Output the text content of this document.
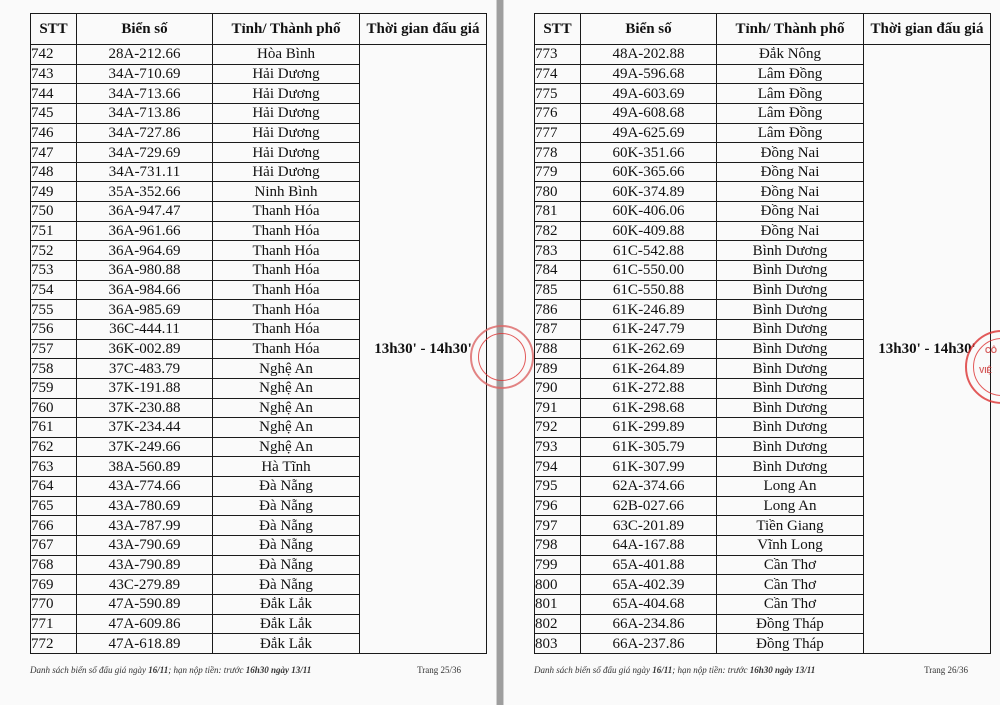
STT	Biển số	Tỉnh/ Thành phố	Thời gian đấu giá
742	28A-212.66	Hòa Bình	13h30' - 14h30'
743	34A-710.69	Hải Dương	
744	34A-713.66	Hải Dương	
745	34A-713.86	Hải Dương	
746	34A-727.86	Hải Dương	
747	34A-729.69	Hải Dương	
748	34A-731.11	Hải Dương	
749	35A-352.66	Ninh Bình	
750	36A-947.47	Thanh Hóa	
751	36A-961.66	Thanh Hóa	
752	36A-964.69	Thanh Hóa	
753	36A-980.88	Thanh Hóa	
754	36A-984.66	Thanh Hóa	
755	36A-985.69	Thanh Hóa	
756	36C-444.11	Thanh Hóa	
757	36K-002.89	Thanh Hóa	
758	37C-483.79	Nghệ An	
759	37K-191.88	Nghệ An	
760	37K-230.88	Nghệ An	
761	37K-234.44	Nghệ An	
762	37K-249.66	Nghệ An	
763	38A-560.89	Hà Tĩnh	
764	43A-774.66	Đà Nẵng	
765	43A-780.69	Đà Nẵng	
766	43A-787.99	Đà Nẵng	
767	43A-790.69	Đà Nẵng	
768	43A-790.89	Đà Nẵng	
769	43C-279.89	Đà Nẵng	
770	47A-590.89	Đắk Lắk	
771	47A-609.86	Đắk Lắk	
772	47A-618.89	Đắk Lắk	
Danh sách biển số đấu giá ngày 16/11; hạn nộp tiền: trước 16h30 ngày 13/11	Trang 25/36
STT	Biển số	Tỉnh/ Thành phố	Thời gian đấu giá
773	48A-202.88	Đắk Nông	13h30' - 14h30'
774	49A-596.68	Lâm Đồng	
775	49A-603.69	Lâm Đồng	
776	49A-608.68	Lâm Đồng	
777	49A-625.69	Lâm Đồng	
778	60K-351.66	Đồng Nai	
779	60K-365.66	Đồng Nai	
780	60K-374.89	Đồng Nai	
781	60K-406.06	Đồng Nai	
782	60K-409.88	Đồng Nai	
783	61C-542.88	Bình Dương	
784	61C-550.00	Bình Dương	
785	61C-550.88	Bình Dương	
786	61K-246.89	Bình Dương	
787	61K-247.79	Bình Dương	
788	61K-262.69	Bình Dương	
789	61K-264.89	Bình Dương	
790	61K-272.88	Bình Dương	
791	61K-298.68	Bình Dương	
792	61K-299.89	Bình Dương	
793	61K-305.79	Bình Dương	
794	61K-307.99	Bình Dương	
795	62A-374.66	Long An	
796	62B-027.66	Long An	
797	63C-201.89	Tiền Giang	
798	64A-167.88	Vĩnh Long	
799	65A-401.88	Cần Thơ	
800	65A-402.39	Cần Thơ	
801	65A-404.68	Cần Thơ	
802	66A-234.86	Đồng Tháp	
803	66A-237.86	Đồng Tháp	
Danh sách biển số đấu giá ngày 16/11; hạn nộp tiền: trước 16h30 ngày 13/11	Trang 26/36
CÔ
VIỆ
